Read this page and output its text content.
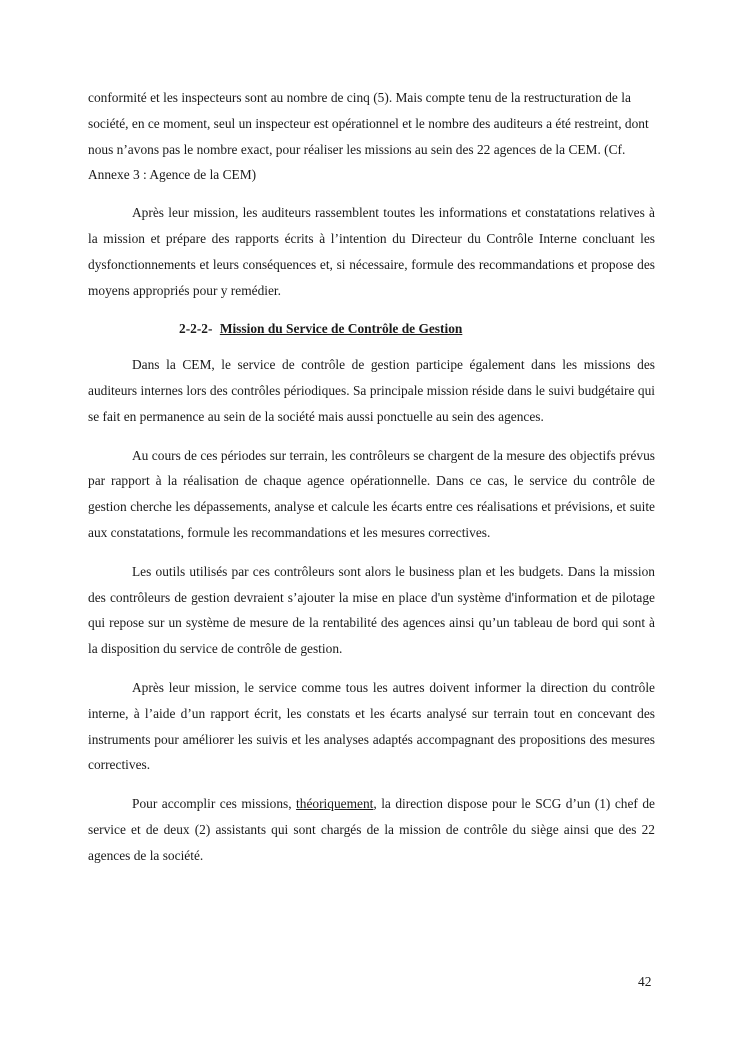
conformité et les inspecteurs sont au nombre de cinq (5). Mais compte tenu de la restructuration de la société, en ce moment, seul un inspecteur est opérationnel et le nombre des auditeurs a été restreint, dont nous n’avons pas le nombre exact, pour réaliser les missions au sein des 22 agences de la CEM. (Cf. Annexe 3 : Agence de la CEM)

Après leur mission, les auditeurs rassemblent toutes les informations et constatations relatives à la mission et prépare des rapports écrits à l’intention du Directeur du Contrôle Interne concluant les dysfonctionnements et leurs conséquences et, si nécessaire, formule des recommandations et propose des moyens appropriés pour y remédier.

2-2-2- Mission du Service de Contrôle de Gestion

Dans la CEM, le service de contrôle de gestion participe également dans les missions des auditeurs internes lors des contrôles périodiques. Sa principale mission réside dans le suivi budgétaire qui se fait en permanence au sein de la société mais aussi ponctuelle au sein des agences.

Au cours de ces périodes sur terrain, les contrôleurs se chargent de la mesure des objectifs prévus par rapport à la réalisation de chaque agence opérationnelle. Dans ce cas, le service du contrôle de gestion cherche les dépassements, analyse et calcule les écarts entre ces réalisations et prévisions, et suite aux constatations, formule les recommandations et les mesures correctives.

Les outils utilisés par ces contrôleurs sont alors le business plan et les budgets. Dans la mission des contrôleurs de gestion devraient s’ajouter la mise en place d'un système d'information et de pilotage qui repose sur un système de mesure de la rentabilité des agences ainsi qu’un tableau de bord qui sont à la disposition du service de contrôle de gestion.

Après leur mission, le service comme tous les autres doivent informer la direction du contrôle interne, à l’aide d’un rapport écrit, les constats et les écarts analysé sur terrain tout en concevant des instruments pour améliorer les suivis et les analyses adaptés accompagnant des propositions des mesures correctives.

Pour accomplir ces missions, théoriquement, la direction dispose pour le SCG d’un (1) chef de service et de deux (2) assistants qui sont chargés de la mission de contrôle du siège ainsi que des 22 agences de la société.

42
